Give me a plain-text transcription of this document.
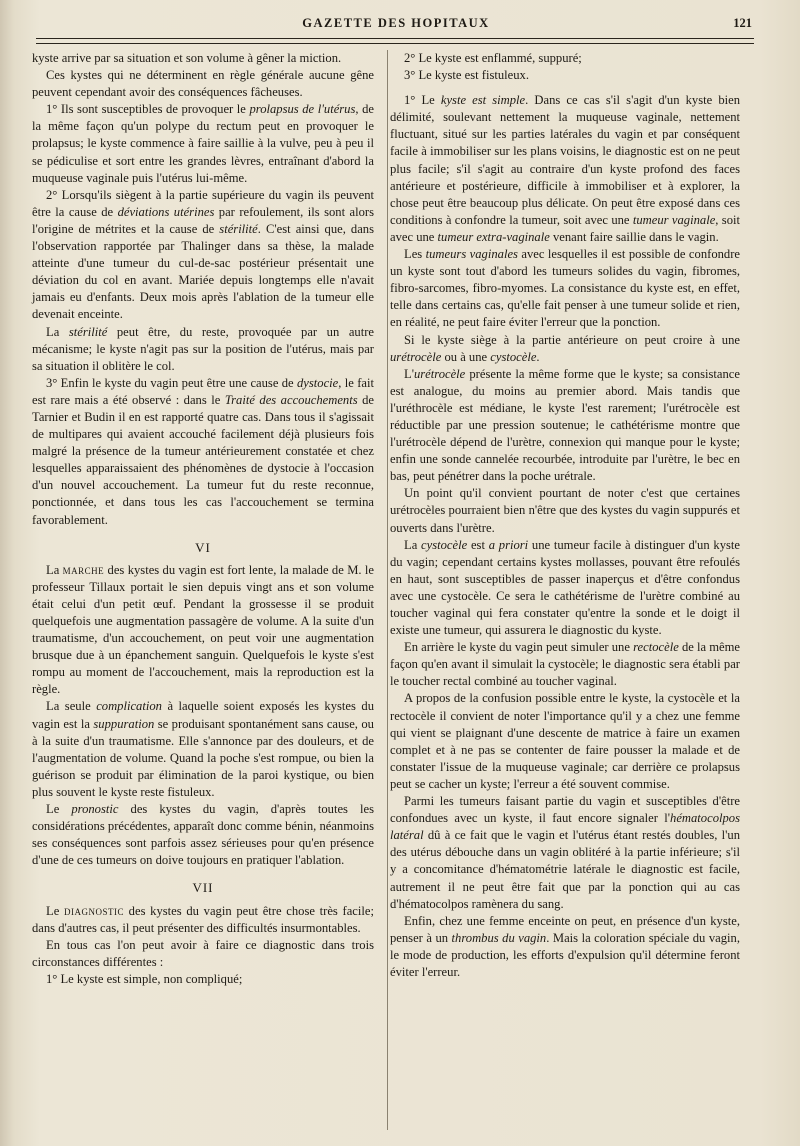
GAZETTE DES HOPITAUX	121

kyste arrive par sa situation et son volume à gêner la miction.

Ces kystes qui ne déterminent en règle générale aucune gêne peuvent cependant avoir des conséquences fâcheuses.

1° Ils sont susceptibles de provoquer le prolapsus de l'utérus, de la même façon qu'un polype du rectum peut en provoquer le prolapsus; le kyste commence à faire saillie à la vulve, peu à peu il se pédiculise et sort entre les grandes lèvres, entraînant d'abord la muqueuse vaginale puis l'utérus lui-même.

2° Lorsqu'ils siègent à la partie supérieure du vagin ils peuvent être la cause de déviations utérines par refoulement, ils sont alors l'origine de métrites et la cause de stérilité. C'est ainsi que, dans l'observation rapportée par Thalinger dans sa thèse, la malade atteinte d'une tumeur du cul-de-sac postérieur présentait une déviation du col en avant. Mariée depuis longtemps elle n'avait jamais eu d'enfants. Deux mois après l'ablation de la tumeur elle devenait enceinte.

La stérilité peut être, du reste, provoquée par un autre mécanisme; le kyste n'agit pas sur la position de l'utérus, mais par sa situation il oblitère le col.

3° Enfin le kyste du vagin peut être une cause de dystocie, le fait est rare mais a été observé : dans le Traité des accouchements de Tarnier et Budin il en est rapporté quatre cas. Dans tous il s'agissait de multipares qui avaient accouché facilement déjà plusieurs fois malgré la présence de la tumeur antérieurement constatée et chez lesquelles apparaissaient des phénomènes de dystocie à l'occasion d'un nouvel accouchement. La tumeur fut du reste reconnue, ponctionnée, et dans tous les cas l'accouchement se termina favorablement.

VI

La marche des kystes du vagin est fort lente, la malade de M. le professeur Tillaux portait le sien depuis vingt ans et son volume était celui d'un petit œuf. Pendant la grossesse il se produit quelquefois une augmentation passagère de volume. A la suite d'un traumatisme, d'un accouchement, on peut voir une augmentation brusque due à un épanchement sanguin. Quelquefois le kyste s'est rompu au moment de l'accouchement, mais la reproduction est la règle.

La seule complication à laquelle soient exposés les kystes du vagin est la suppuration se produisant spontanément sans cause, ou à la suite d'un traumatisme. Elle s'annonce par des douleurs, et de l'augmentation de volume. Quand la poche s'est rompue, ou bien la guérison se produit par élimination de la paroi kystique, ou bien plus souvent le kyste reste fistuleux.

Le pronostic des kystes du vagin, d'après toutes les considérations précédentes, apparaît donc comme bénin, néanmoins ses conséquences sont parfois assez sérieuses pour qu'en présence d'une de ces tumeurs on doive toujours en pratiquer l'ablation.

VII

Le diagnostic des kystes du vagin peut être chose très facile; dans d'autres cas, il peut présenter des difficultés insurmontables.

En tous cas l'on peut avoir à faire ce diagnostic dans trois circonstances différentes :

1° Le kyste est simple, non compliqué;

2° Le kyste est enflammé, suppuré;

3° Le kyste est fistuleux.

1° Le kyste est simple. Dans ce cas s'il s'agit d'un kyste bien délimité, soulevant nettement la muqueuse vaginale, nettement fluctuant, situé sur les parties latérales du vagin et par conséquent facile à immobiliser sur les plans voisins, le diagnostic est on ne peut plus facile; s'il s'agit au contraire d'un kyste profond des faces antérieure et postérieure, difficile à immobiliser et à explorer, la chose peut être beaucoup plus délicate. On peut être exposé dans ces conditions à confondre la tumeur, soit avec une tumeur vaginale, soit avec une tumeur extra-vaginale venant faire saillie dans le vagin.

Les tumeurs vaginales avec lesquelles il est possible de confondre un kyste sont tout d'abord les tumeurs solides du vagin, fibromes, fibro-sarcomes, fibro-myomes. La consistance du kyste est, en effet, telle dans certains cas, qu'elle fait penser à une tumeur solide et rien, en réalité, ne peut faire éviter l'erreur que la ponction.

Si le kyste siège à la partie antérieure on peut croire à une urétrocèle ou à une cystocèle.

L'urétrocèle présente la même forme que le kyste; sa consistance est analogue, du moins au premier abord. Mais tandis que l'uréthrocèle est médiane, le kyste l'est rarement; l'urétrocèle est réductible par une pression soutenue; le cathétérisme montre que l'urétrocèle dépend de l'urètre, connexion qui manque pour le kyste; enfin une sonde cannelée recourbée, introduite par l'urètre, le bec en bas, peut pénétrer dans la poche urétrale.

Un point qu'il convient pourtant de noter c'est que certaines urétrocèles pourraient bien n'être que des kystes du vagin suppurés et ouverts dans l'urètre.

La cystocèle est a priori une tumeur facile à distinguer d'un kyste du vagin; cependant certains kystes mollasses, pouvant être refoulés en haut, sont susceptibles de passer inaperçus et d'être confondus avec une cystocèle. Ce sera le cathétérisme de l'urètre combiné au toucher vaginal qui fera constater qu'entre la sonde et le doigt il existe une tumeur, qui assurera le diagnostic du kyste.

En arrière le kyste du vagin peut simuler une rectocèle de la même façon qu'en avant il simulait la cystocèle; le diagnostic sera établi par le toucher rectal combiné au toucher vaginal.

A propos de la confusion possible entre le kyste, la cystocèle et la rectocèle il convient de noter l'importance qu'il y a chez une femme qui vient se plaignant d'une descente de matrice à faire un examen complet et à ne pas se contenter de faire pousser la malade et de constater l'issue de la muqueuse vaginale; car derrière ce prolapsus peut se cacher un kyste; l'erreur a été souvent commise.

Parmi les tumeurs faisant partie du vagin et susceptibles d'être confondues avec un kyste, il faut encore signaler l'hématocolpos latéral dû à ce fait que le vagin et l'utérus étant restés doubles, l'un des utérus débouche dans un vagin oblitéré à la partie inférieure; s'il y a concomitance d'hématométrie latérale le diagnostic est facile, autrement il ne peut être fait que par la ponction qui au cas d'hématocolpos ramènera du sang.

Enfin, chez une femme enceinte on peut, en présence d'un kyste, penser à un thrombus du vagin. Mais la coloration spéciale du vagin, le mode de production, les efforts d'expulsion qu'il détermine feront éviter l'erreur.
